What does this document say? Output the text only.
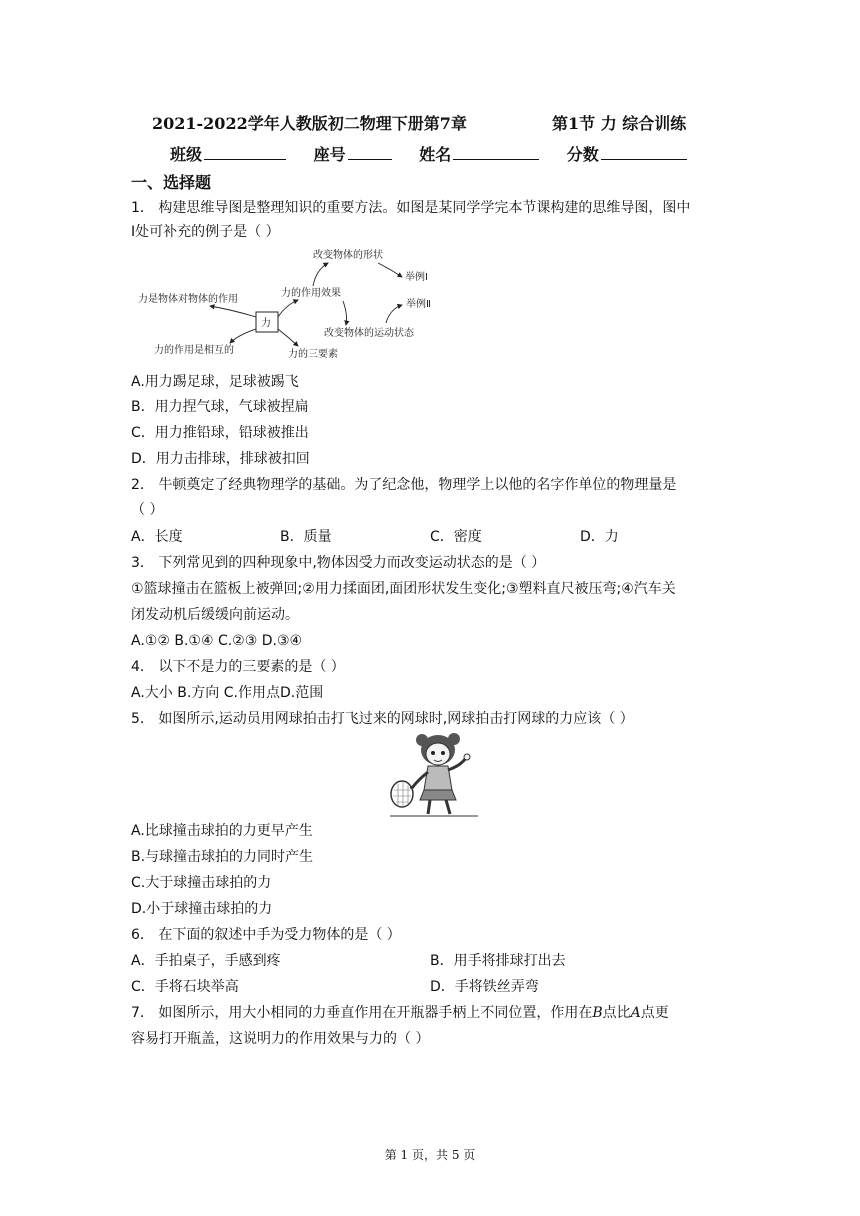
2021-2022学年人教版初二物理下册第7章	第1节 力 综合训练
班级	座号	姓名	分数
一、选择题
1． 构建思维导图是整理知识的重要方法。如图是某同学学完本节课构建的思维导图，图中
Ⅰ处可补充的例子是（ ）
力
力是物体对物体的作用
力的作用是相互的
力的作用效果
力的三要素
改变物体的形状
改变物体的运动状态
举例Ⅰ
举例Ⅱ
A.用力踢足球，足球被踢飞
B．用力捏气球，气球被捏扁
C．用力推铅球，铅球被推出
D．用力击排球，排球被扣回
2． 牛顿奠定了经典物理学的基础。为了纪念他，物理学上以他的名字作单位的物理量是
（ ）
A．长度	B．质量	C．密度	D．力
3． 下列常见到的四种现象中,物体因受力而改变运动状态的是（ ）
①篮球撞击在篮板上被弹回;②用力揉面团,面团形状发生变化;③塑料直尺被压弯;④汽车关
闭发动机后缓缓向前运动。
A.①② B.①④ C.②③ D.③④
4． 以下不是力的三要素的是（ ）
A.大小 B.方向 C.作用点D.范围
5． 如图所示,运动员用网球拍击打飞过来的网球时,网球拍击打网球的力应该（ ）
A.比球撞击球拍的力更早产生
B.与球撞击球拍的力同时产生
C.大于球撞击球拍的力
D.小于球撞击球拍的力
6． 在下面的叙述中手为受力物体的是（ ）
A．手拍桌子，手感到疼	B．用手将排球打出去
C．手将石块举高	D．手将铁丝弄弯
7． 如图所示，用大小相同的力垂直作用在开瓶器手柄上不同位置，作用在B点比A点更
容易打开瓶盖，这说明力的作用效果与力的（ ）
第 1 页，共 5 页
